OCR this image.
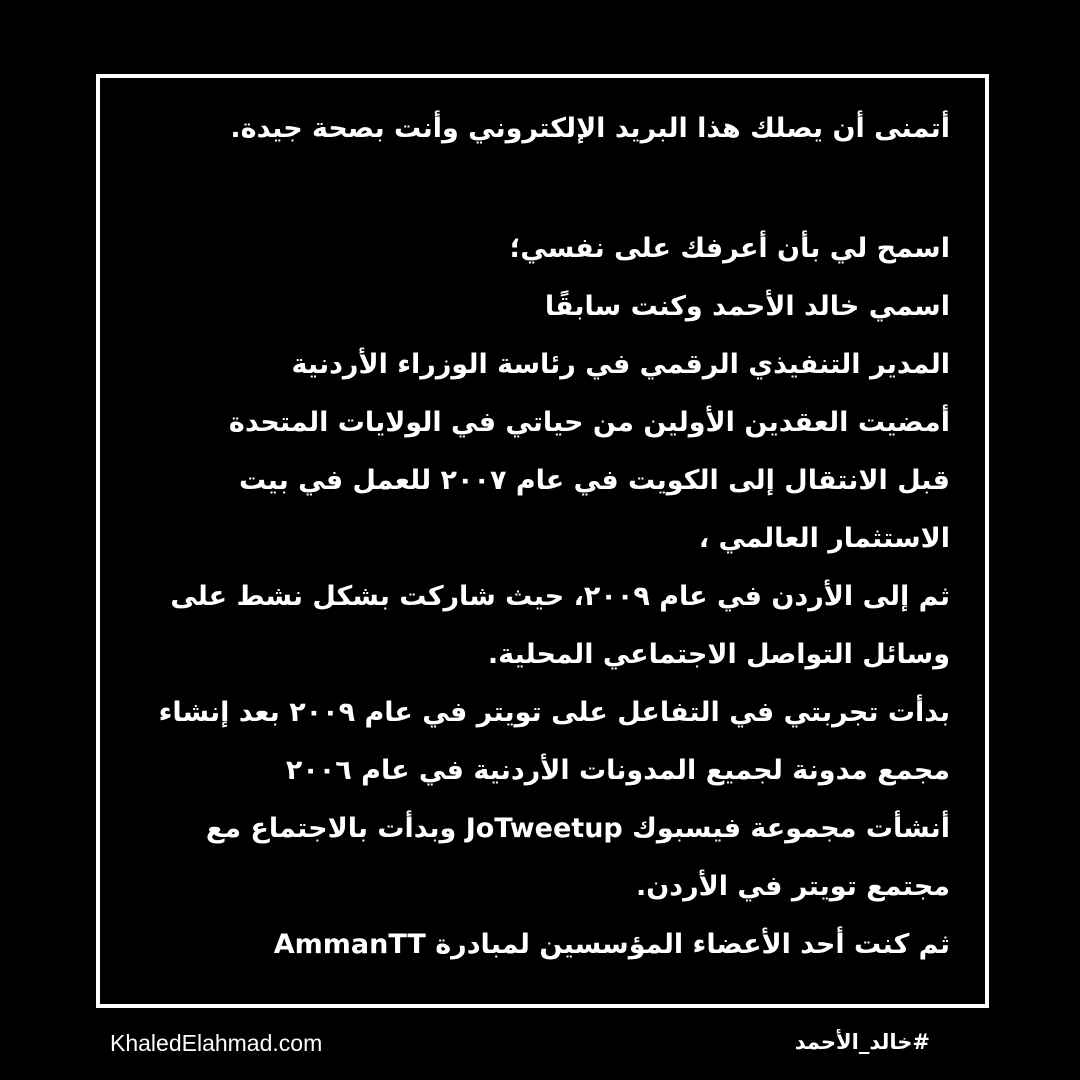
أتمنى أن يصلك هذا البريد الإلكتروني وأنت بصحة جيدة.
اسمح لي بأن أعرفك على نفسي؛
اسمي خالد الأحمد وكنت سابقًا
المدير التنفيذي الرقمي في رئاسة الوزراء الأردنية
أمضيت العقدين الأولين من حياتي في الولايات المتحدة
قبل الانتقال إلى الكويت في عام ٢٠٠٧ للعمل في بيت
الاستثمار العالمي ،
ثم إلى الأردن في عام ٢٠٠٩، حيث شاركت بشكل نشط على
وسائل التواصل الاجتماعي المحلية.
بدأت تجربتي في التفاعل على تويتر في عام ٢٠٠٩ بعد إنشاء
مجمع مدونة لجميع المدونات الأردنية في عام ٢٠٠٦
أنشأت مجموعة فيسبوك JoTweetup وبدأت بالاجتماع مع
مجتمع تويتر في الأردن.
ثم كنت أحد الأعضاء المؤسسين لمبادرة AmmanTT
KhaledElahmad.com	#خالد_الأحمد
